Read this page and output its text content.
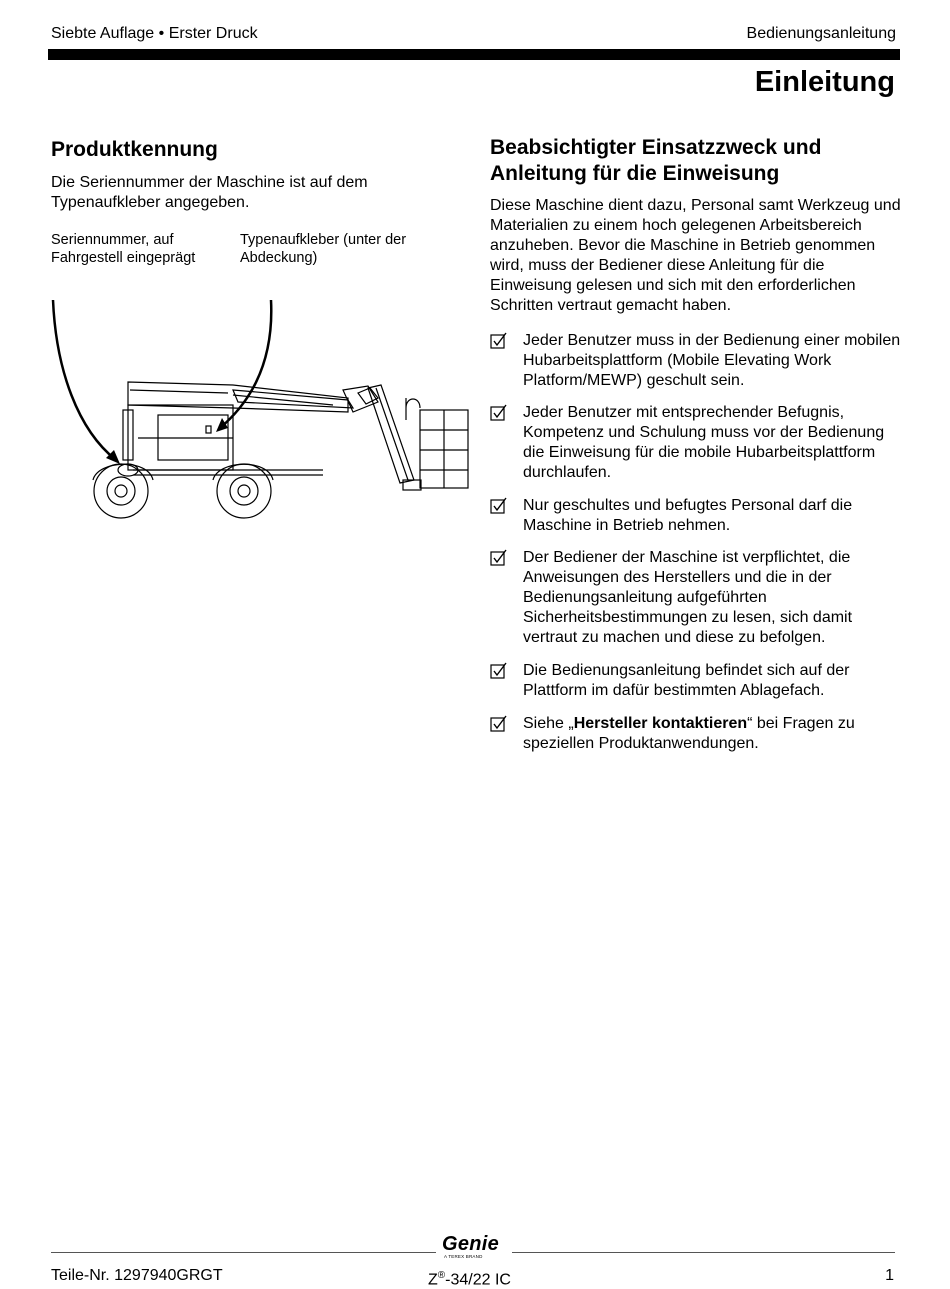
Siebte Auflage • Erster Druck	Bedienungsanleitung
Einleitung
Produktkennung
Die Seriennummer der Maschine ist auf dem Typenaufkleber angegeben.
Seriennummer, auf Fahrgestell eingeprägt
Typenaufkleber (unter der Abdeckung)
Beabsichtigter Einsatzzweck und Anleitung für die Einweisung
Diese Maschine dient dazu, Personal samt Werkzeug und Materialien zu einem hoch gelegenen Arbeitsbereich anzuheben. Bevor die Maschine in Betrieb genommen wird, muss der Bediener diese Anleitung für die Einweisung gelesen und sich mit den erforderlichen Schritten vertraut gemacht haben.
Jeder Benutzer muss in der Bedienung einer mobilen Hubarbeitsplattform (Mobile Elevating Work Platform/MEWP) geschult sein.
Jeder Benutzer mit entsprechender Befugnis, Kompetenz und Schulung muss vor der Bedienung die Einweisung für die mobile Hubarbeitsplattform durchlaufen.
Nur geschultes und befugtes Personal darf die Maschine in Betrieb nehmen.
Der Bediener der Maschine ist verpflichtet, die Anweisungen des Herstellers und die in der Bedienungsanleitung aufgeführten Sicherheitsbestimmungen zu lesen, sich damit vertraut zu machen und diese zu befolgen.
Die Bedienungsanleitung befindet sich auf der Plattform im dafür bestimmten Ablagefach.
Siehe „Hersteller kontaktieren“ bei Fragen zu speziellen Produktanwendungen.
Genie
A TEREX BRAND
Teile-Nr. 1297940GRGT	Z®-34/22 IC	1
